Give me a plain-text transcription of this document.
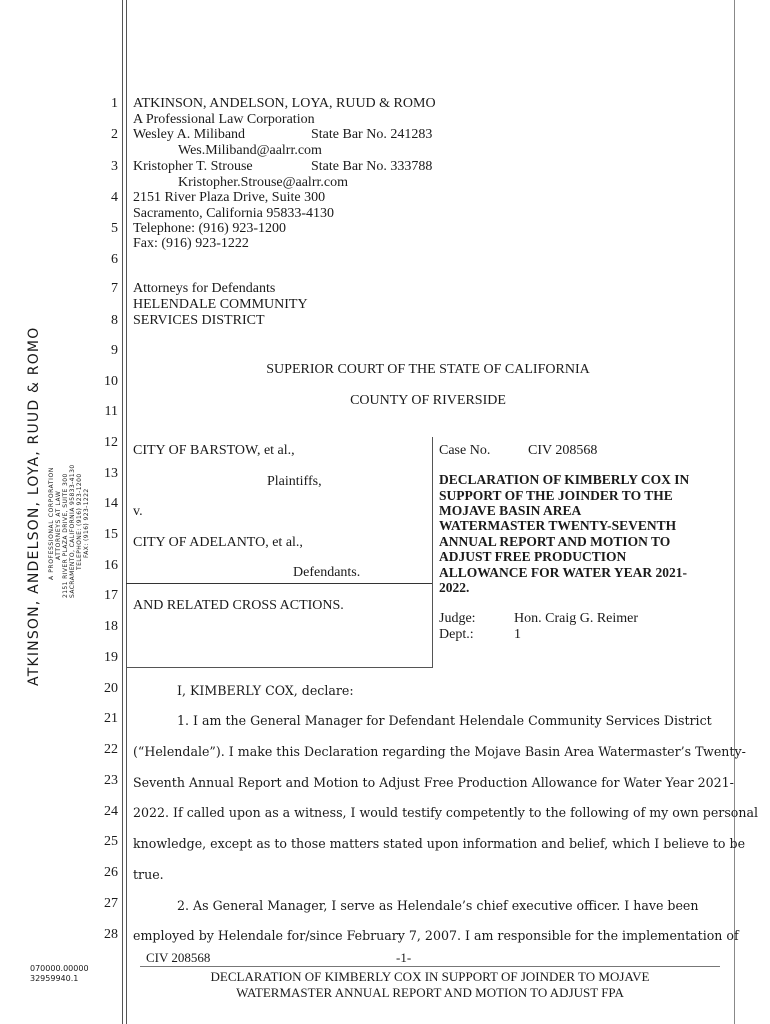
ATKINSON, ANDELSON, LOYA, RUUD & ROMO A PROFESSIONAL CORPORATION ATTORNEYS AT LAW 2151 RIVER PLAZA DRIVE, SUITE 300 SACRAMENTO, CALIFORNIA 95833-4130 TELEPHONE: (916) 923-1200 FAX: (916) 923-1222
1
2
3
4
5
6
7
8
9
10
11
12
13
14
15
16
17
18
19
20
21
22
23
24
25
26
27
28
ATKINSON, ANDELSON, LOYA, RUUD & ROMO
A Professional Law Corporation
Wesley A. Miliband	State Bar No. 241283
Wes.Miliband@aalrr.com
Kristopher T. Strouse	State Bar No. 333788
Kristopher.Strouse@aalrr.com
2151 River Plaza Drive, Suite 300
Sacramento, California 95833-4130
Telephone: (916) 923-1200
Fax: (916) 923-1222
Attorneys for Defendants
HELENDALE COMMUNITY
SERVICES DISTRICT
SUPERIOR COURT OF THE STATE OF CALIFORNIA
COUNTY OF RIVERSIDE
CITY OF BARSTOW, et al.,
Plaintiffs,
v.
CITY OF ADELANTO, et al.,
Defendants.
AND RELATED CROSS ACTIONS.
Case No.	CIV 208568
DECLARATION OF KIMBERLY COX IN
SUPPORT OF THE JOINDER TO THE
MOJAVE BASIN AREA
WATERMASTER TWENTY-SEVENTH
ANNUAL REPORT AND MOTION TO
ADJUST FREE PRODUCTION
ALLOWANCE FOR WATER YEAR 2021-
2022.
Judge:	Hon. Craig G. Reimer
Dept.:	1
I, KIMBERLY COX, declare:
1. I am the General Manager for Defendant Helendale Community Services District
(“Helendale”). I make this Declaration regarding the Mojave Basin Area Watermaster’s Twenty-
Seventh Annual Report and Motion to Adjust Free Production Allowance for Water Year 2021-
2022. If called upon as a witness, I would testify competently to the following of my own personal
knowledge, except as to those matters stated upon information and belief, which I believe to be
true.
2. As General Manager, I serve as Helendale’s chief executive officer. I have been
employed by Helendale for/since February 7, 2007. I am responsible for the implementation of
CIV 208568	-1-
DECLARATION OF KIMBERLY COX IN SUPPORT OF JOINDER TO MOJAVE
WATERMASTER ANNUAL REPORT AND MOTION TO ADJUST FPA
070000.00000
32959940.1
